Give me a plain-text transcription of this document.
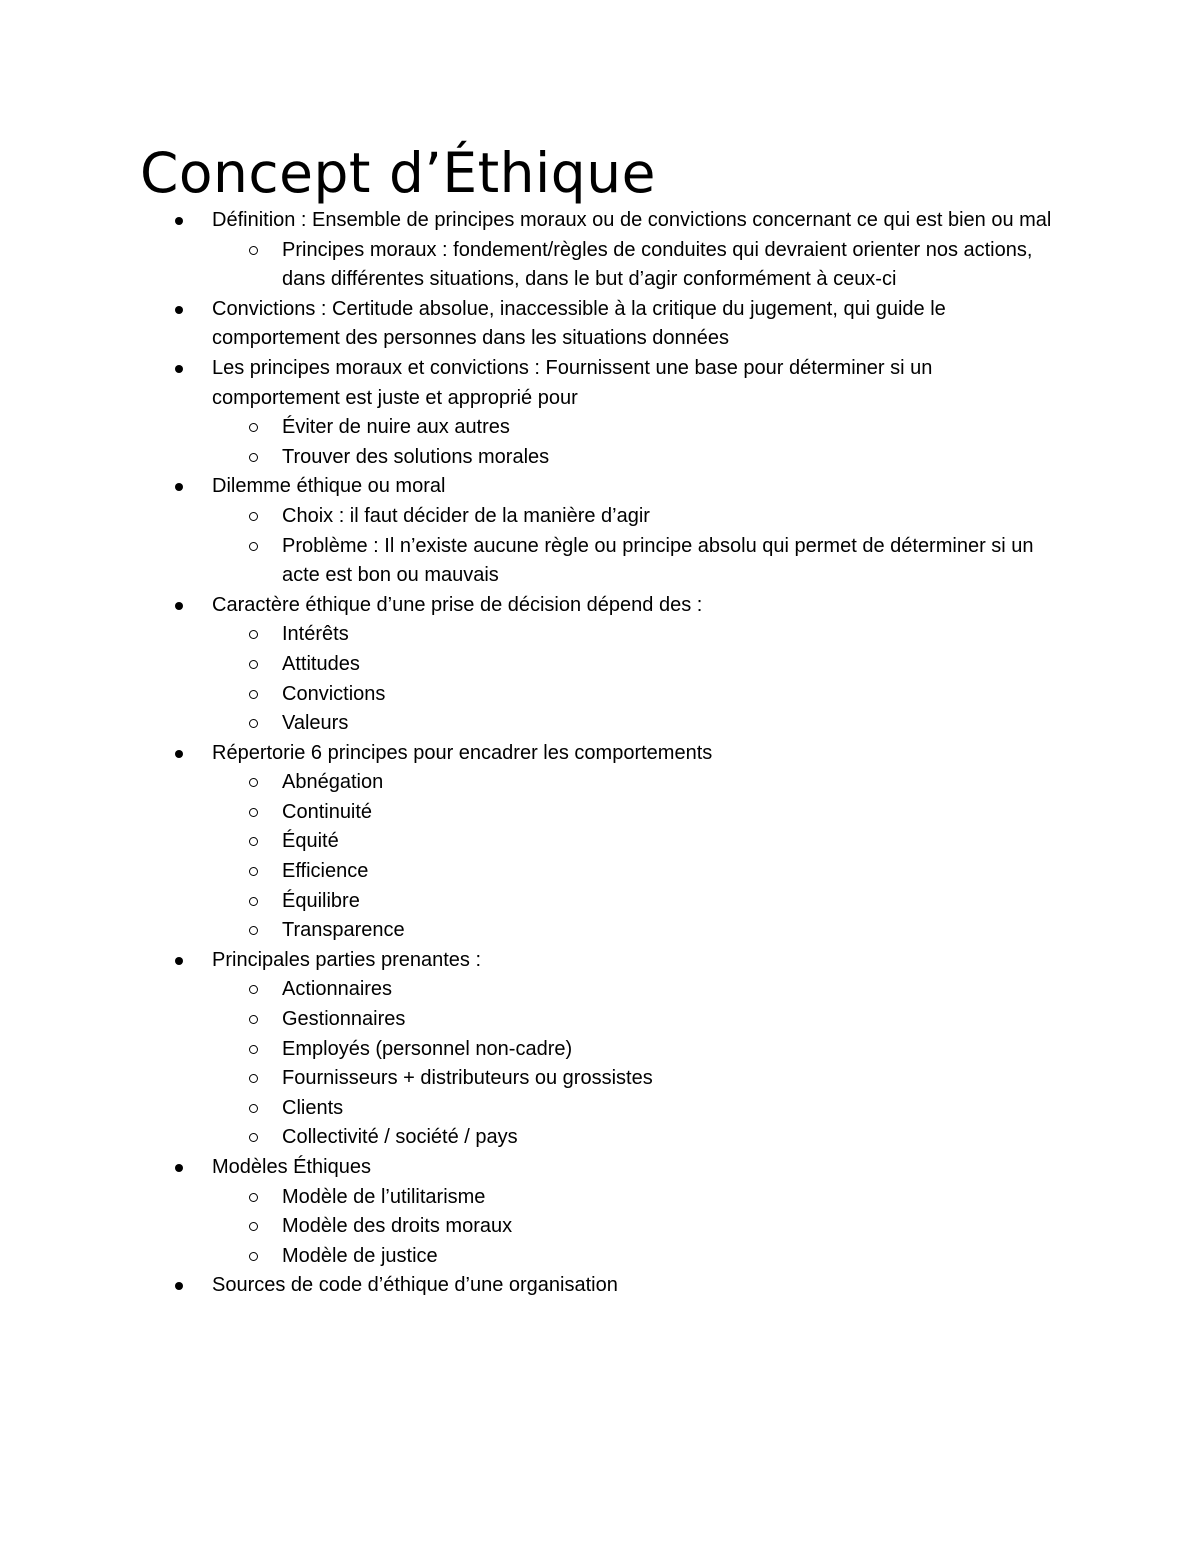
Concept d’Éthique
Définition : Ensemble de principes moraux ou de convictions concernant ce qui est bien ou mal
Principes moraux : fondement/règles de conduites qui devraient orienter nos actions, dans différentes situations, dans le but d’agir conformément à ceux-ci
Convictions : Certitude absolue, inaccessible à la critique du jugement, qui guide le comportement des personnes dans les situations données
Les principes moraux et convictions : Fournissent une base pour déterminer si un comportement est juste et approprié pour
Éviter de nuire aux autres
Trouver des solutions morales
Dilemme éthique ou moral
Choix : il faut décider de la manière d’agir
Problème : Il n’existe aucune règle ou principe absolu qui permet de déterminer si un acte est bon ou mauvais
Caractère éthique d’une prise de décision dépend des :
Intérêts
Attitudes
Convictions
Valeurs
Répertorie 6 principes pour encadrer les comportements
Abnégation
Continuité
Équité
Efficience
Équilibre
Transparence
Principales parties prenantes :
Actionnaires
Gestionnaires
Employés (personnel non-cadre)
Fournisseurs + distributeurs ou grossistes
Clients
Collectivité / société / pays
Modèles Éthiques
Modèle de l’utilitarisme
Modèle des droits moraux
Modèle de justice
Sources de code d’éthique d’une organisation
